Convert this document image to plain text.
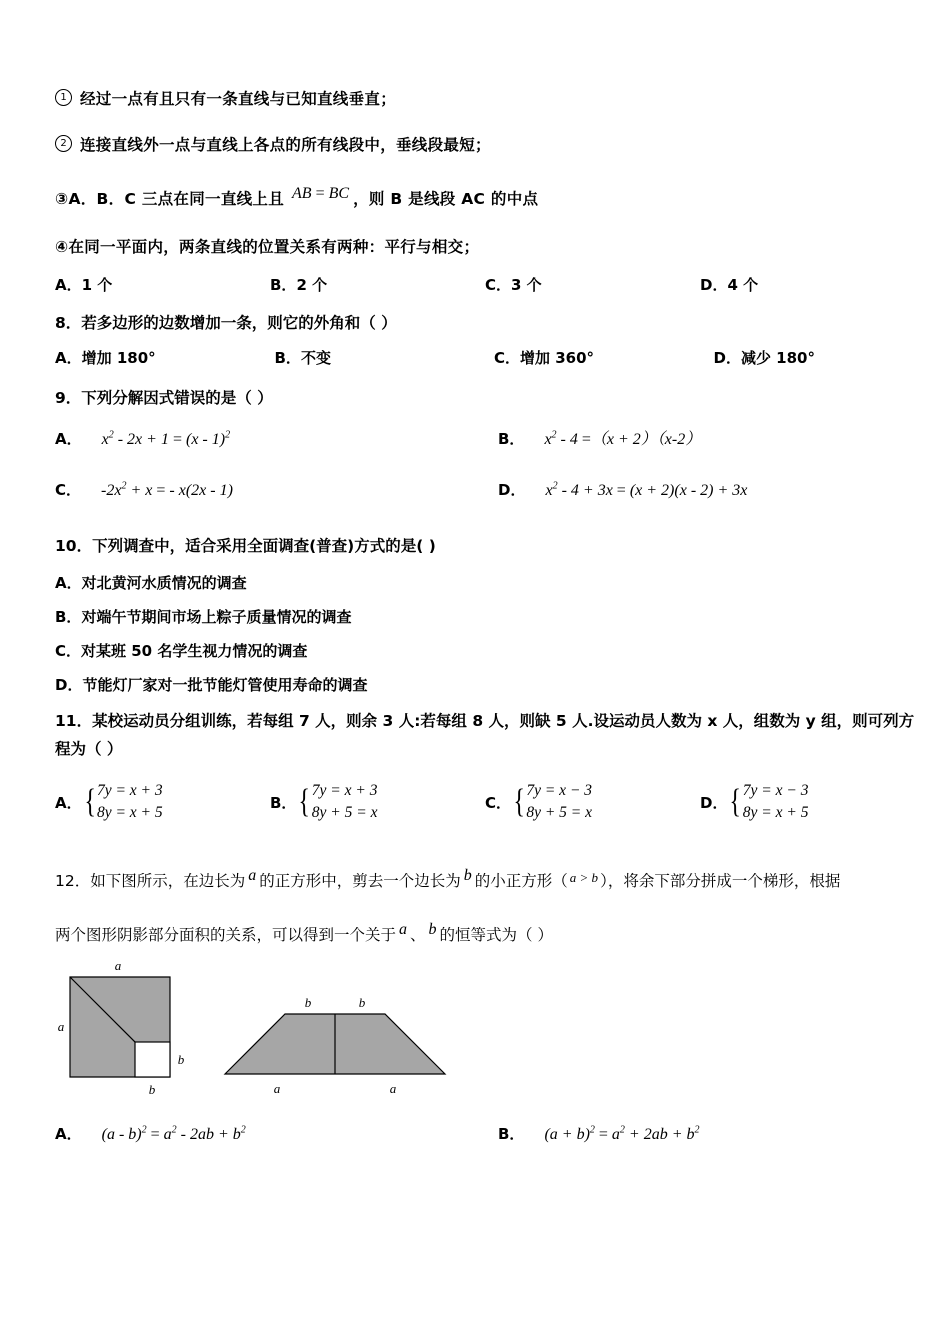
1 经过一点有且只有一条直线与已知直线垂直；
2 连接直线外一点与直线上各点的所有线段中，垂线段最短；
③A．B．C 三点在同一直线上且 AB = BC ，则 B 是线段 AC 的中点
④在同一平面内，两条直线的位置关系有两种：平行与相交；
A．1 个	B．2 个	C．3 个	D．4 个
8．若多边形的边数增加一条，则它的外角和（ ）
A．增加 180°	B．不变	C．增加 360°	D．减少 180°
9．下列分解因式错误的是（ ）
A． $x^2 - 2x + 1 = (x - 1)^2$	B． $x^2 - 4 =(x + 2)(x-2)$
C． $-2x^2 + x$ = - x(2x - 1)	D． $x^2 - 4 + 3x = (x + 2)(x - 2) + 3x$
10．下列调查中，适合采用全面调查(普查)方式的是( )
A．对北黄河水质情况的调查
B．对端午节期间市场上粽子质量情况的调查
C．对某班 50 名学生视力情况的调查
D．节能灯厂家对一批节能灯管使用寿命的调查
11．某校运动员分组训练，若每组 7 人，则余 3 人:若每组 8 人，则缺 5 人.设运动员人数为 x 人，组数为 y 组，则可列方程为（ ）
A． { 7y = x + 3
8y = x + 5
B． { 7y = x + 3
8y + 5 = x
C． { 7y = x − 3
8y + 5 = x
D． { 7y = x − 3
8y = x + 5
12．如下图所示，在边长为 a 的正方形中，剪去一个边长为 b 的小正方形（ $^{a > b}$ ），将余下部分拼成一个梯形，根据
两个图形阴影部分面积的关系，可以得到一个关于 a 、 b 的恒等式为（ ）
a
a
b
b
b	b
a	a
A． $(a - b)^2 = a^2 - 2ab + b^2$	B． $(a + b)^2 = a^2 + 2ab + b^2$
